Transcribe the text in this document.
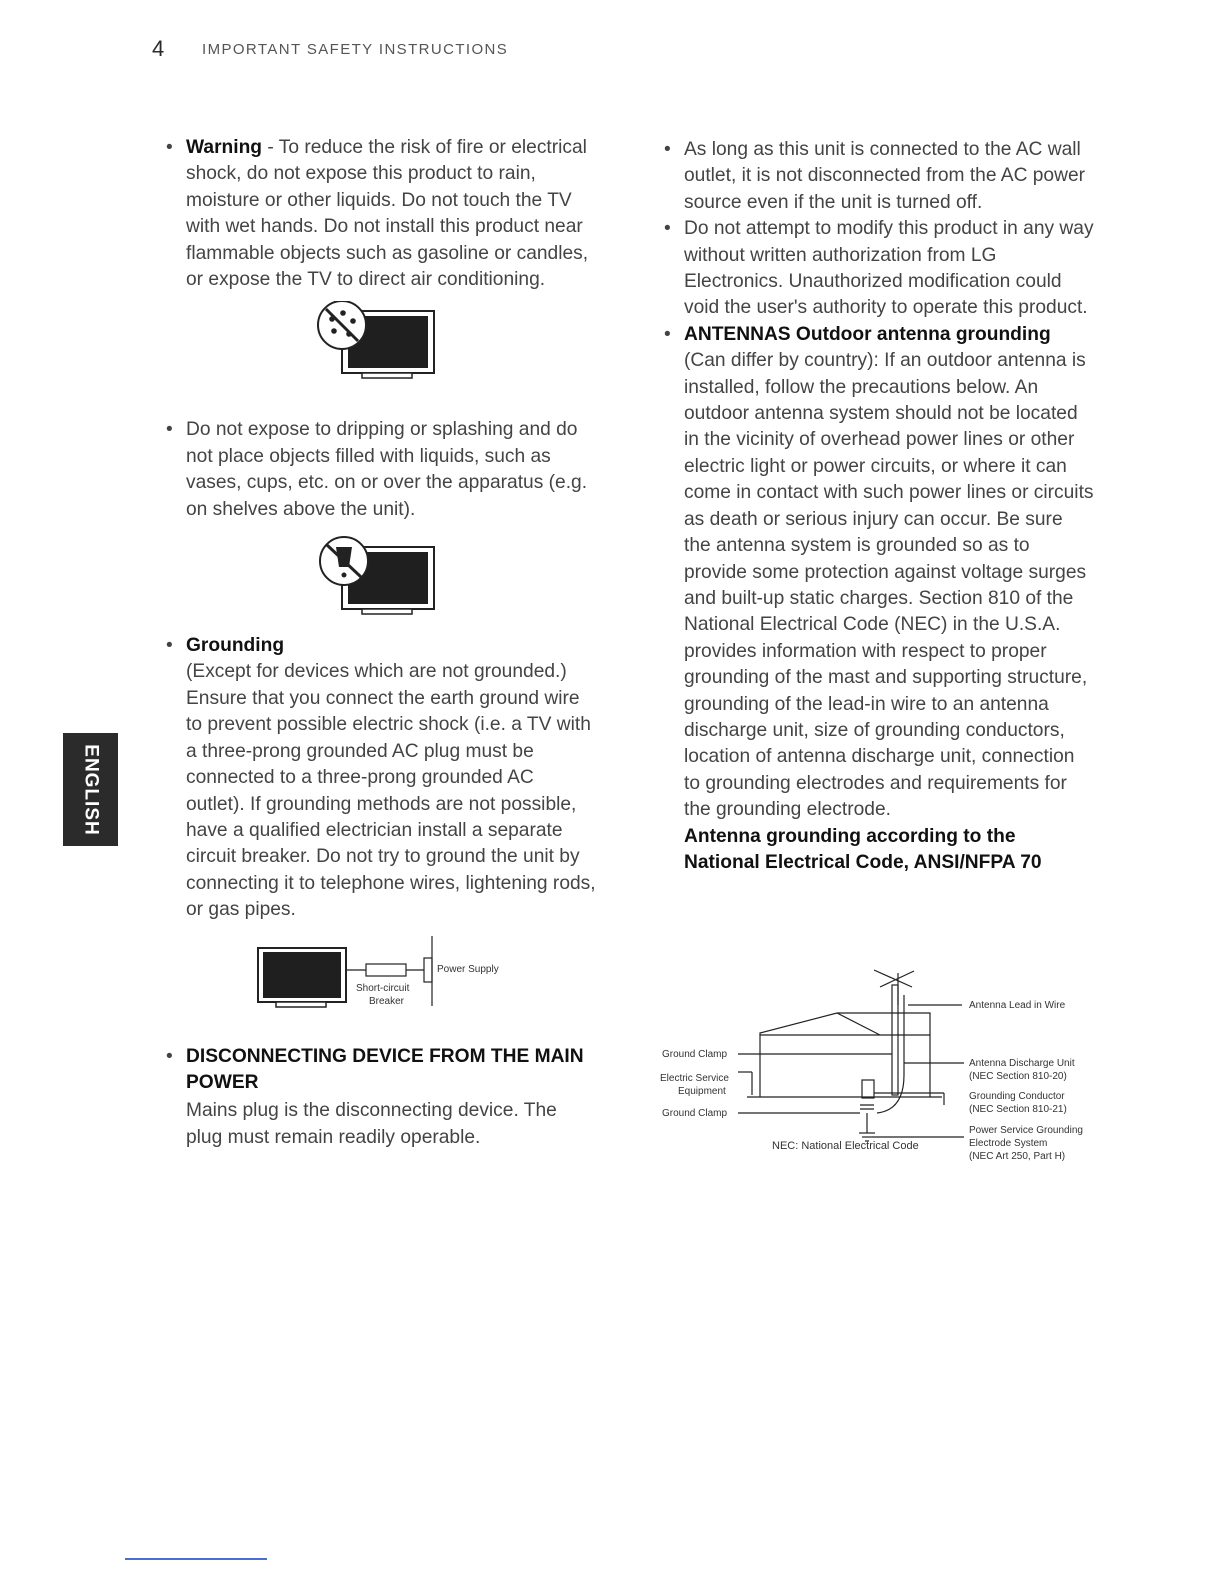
4	IMPORTANT SAFETY INSTRUCTIONS
ENGLISH
• Warning - To reduce the risk of fire or electrical shock, do not expose this product to rain, moisture or other liquids. Do not touch the TV with wet hands. Do not install this product near flammable objects such as gasoline or candles, or expose the TV to direct air conditioning.

• Do not expose to dripping or splashing and do not place objects filled with liquids, such as vases, cups, etc. on or over the apparatus (e.g. on shelves above the unit).

• Grounding

(Except for devices which are not grounded.) Ensure that you connect the earth ground wire to prevent possible electric shock (i.e. a TV with a three-prong grounded AC plug must be connected to a three-prong grounded AC outlet). If grounding methods are not possible, have a qualified electrician install a separate circuit breaker. Do not try to ground the unit by connecting it to telephone wires, lightening rods, or gas pipes.

Power Supply
Short-circuit
Breaker
• DISCONNECTING DEVICE FROM THE MAIN POWER

Mains plug is the disconnecting device. The plug must remain readily operable.

• As long as this unit is connected to the AC wall outlet, it is not disconnected from the AC power source even if the unit is turned off.

• Do not attempt to modify this product in any way without written authorization from LG Electronics. Unauthorized modification could void the user's authority to operate this product.

• ANTENNAS Outdoor antenna grounding

(Can differ by country): If an outdoor antenna is installed, follow the precautions below. An outdoor antenna system should not be located in the vicinity of overhead power lines or other electric light or power circuits, or where it can come in contact with such power lines or circuits as death or serious injury can occur. Be sure the antenna system is grounded so as to provide some protection against voltage surges and built-up static charges. Section 810 of the National Electrical Code (NEC) in the U.S.A. provides information with respect to proper grounding of the mast and supporting structure, grounding of the lead-in wire to an antenna discharge unit, size of grounding conductors, location of antenna discharge unit, connection to grounding electrodes and requirements for the grounding electrode.

Antenna grounding according to the National Electrical Code, ANSI/NFPA 70

Antenna Lead in Wire
Ground Clamp
Electric Service
Equipment
Ground Clamp
Antenna Discharge Unit
(NEC Section 810-20)
Grounding Conductor
(NEC Section 810-21)
Power Service Grounding
Electrode System
(NEC Art 250, Part H)
NEC: National Electrical Code
